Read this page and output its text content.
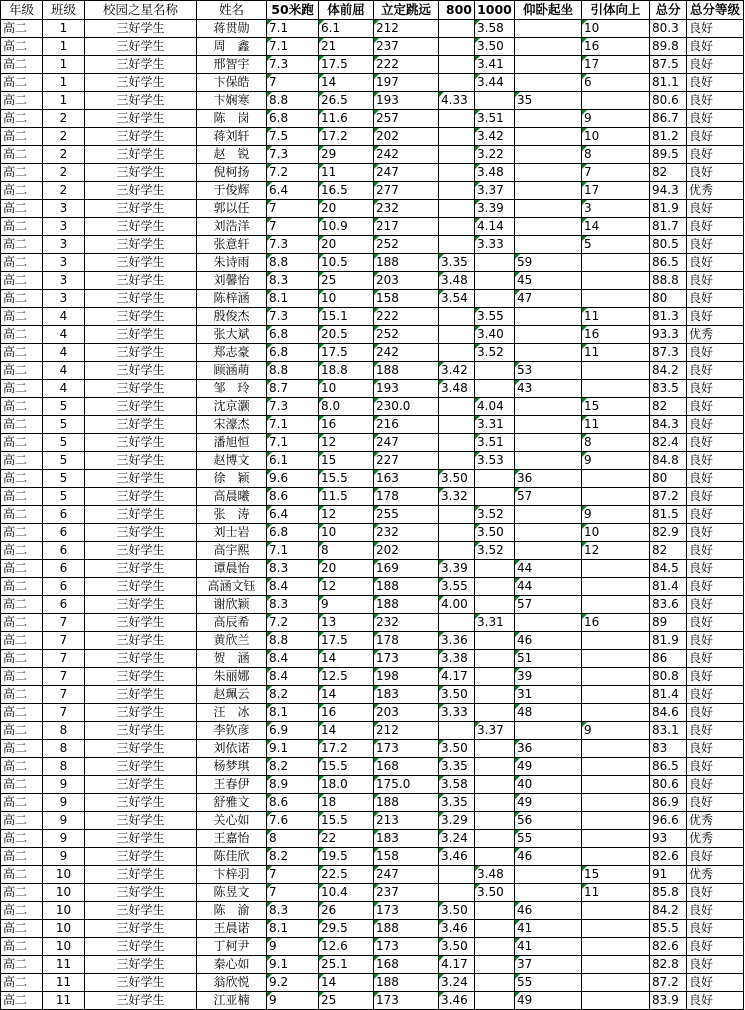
年级	班级	校园之星名称	姓名	50米跑	体前屈	立定跳远	800	1000	仰卧起坐	引体向上	总分	总分等级
高二	1	三好学生	蒋贯勋	7.1	6.1	212		3.58		10	80.3	良好
高二	1	三好学生	周　鑫	7.1	21	237		3.50		16	89.8	良好
高二	1	三好学生	邢智宇	7.3	17.5	222		3.41		17	87.5	良好
高二	1	三好学生	卞保皓	7	14	197		3.44		6	81.1	良好
高二	1	三好学生	卞娴寒	8.8	26.5	193	4.33		35		80.6	良好
高二	2	三好学生	陈　岗	6.8	11.6	257		3.51		9	86.7	良好
高二	2	三好学生	蒋刘轩	7.5	17.2	202		3.42		10	81.2	良好
高二	2	三好学生	赵　锐	7.3	29	242		3.22		8	89.5	良好
高二	2	三好学生	倪柯扬	7.2	11	247		3.48		7	82	良好
高二	2	三好学生	于俊辉	6.4	16.5	277		3.37		17	94.3	优秀
高二	3	三好学生	郭以任	7	20	232		3.39		3	81.9	良好
高二	3	三好学生	刘浩洋	7	10.9	217		4.14		14	81.7	良好
高二	3	三好学生	张意轩	7.3	20	252		3.33		5	80.5	良好
高二	3	三好学生	朱诗雨	8.8	10.5	188	3.35		59		86.5	良好
高二	3	三好学生	刘馨怡	8.3	25	203	3.48		45		88.8	良好
高二	3	三好学生	陈梓涵	8.1	10	158	3.54		47		80	良好
高二	4	三好学生	殷俊杰	7.3	15.1	222		3.55		11	81.3	良好
高二	4	三好学生	张大斌	6.8	20.5	252		3.40		16	93.3	优秀
高二	4	三好学生	郑志豪	6.8	17.5	242		3.52		11	87.3	良好
高二	4	三好学生	顾涵萌	8.8	18.8	188	3.42		53		84.2	良好
高二	4	三好学生	邹　玲	8.7	10	193	3.48		43		83.5	良好
高二	5	三好学生	沈京灏	7.3	8.0	230.0		4.04		15	82	良好
高二	5	三好学生	宋濠杰	7.1	16	216		3.31		11	84.3	良好
高二	5	三好学生	潘旭恒	7.1	12	247		3.51		8	82.4	良好
高二	5	三好学生	赵博文	6.1	15	227		3.53		9	84.8	良好
高二	5	三好学生	徐　颖	9.6	15.5	163	3.50		36		80	良好
高二	5	三好学生	高晨曦	8.6	11.5	178	3.32		57		87.2	良好
高二	6	三好学生	张　涛	6.4	12	255		3.52		9	81.5	良好
高二	6	三好学生	刘士岩	6.8	10	232		3.50		10	82.9	良好
高二	6	三好学生	高宇熙	7.1	8	202		3.52		12	82	良好
高二	6	三好学生	谭晨怡	8.3	20	169	3.39		44		84.5	良好
高二	6	三好学生	高涵文钰	8.4	12	188	3.55		44		81.4	良好
高二	6	三好学生	谢欣颖	8.3	9	188	4.00		57		83.6	良好
高二	7	三好学生	高辰希	7.2	13	232		3.31		16	89	良好
高二	7	三好学生	黄欣兰	8.8	17.5	178	3.36		46		81.9	良好
高二	7	三好学生	贺　涵	8.4	14	173	3.38		51		86	良好
高二	7	三好学生	朱丽娜	8.4	12.5	198	4.17		39		80.8	良好
高二	7	三好学生	赵珮云	8.2	14	183	3.50		31		81.4	良好
高二	7	三好学生	汪　冰	8.1	16	203	3.33		48		84.6	良好
高二	8	三好学生	李钦彦	6.9	14	212		3.37		9	83.1	良好
高二	8	三好学生	刘依诺	9.1	17.2	173	3.50		36		83	良好
高二	8	三好学生	杨梦琪	8.2	15.5	168	3.35		49		86.5	良好
高二	9	三好学生	王春伊	8.9	18.0	175.0	3.58		40		80.6	良好
高二	9	三好学生	舒雅文	8.6	18	188	3.35		49		86.9	良好
高二	9	三好学生	关心如	7.6	15.5	213	3.29		56		96.6	优秀
高二	9	三好学生	王嘉怡	8	22	183	3.24		55		93	优秀
高二	9	三好学生	陈佳欣	8.2	19.5	158	3.46		46		82.6	良好
高二	10	三好学生	卞梓羽	7	22.5	247		3.48		15	91	优秀
高二	10	三好学生	陈昱文	7	10.4	237		3.50		11	85.8	良好
高二	10	三好学生	陈　渝	8.3	26	173	3.50		46		84.2	良好
高二	10	三好学生	王晨诺	8.1	29.5	188	3.46		41		85.5	良好
高二	10	三好学生	丁柯尹	9	12.6	173	3.50		41		82.6	良好
高二	11	三好学生	秦心如	9.1	25.1	168	4.17		37		82.8	良好
高二	11	三好学生	翁欣悦	9.2	14	188	3.24		55		87.2	良好
高二	11	三好学生	江亚楠	9	25	173	3.46		49		83.9	良好
